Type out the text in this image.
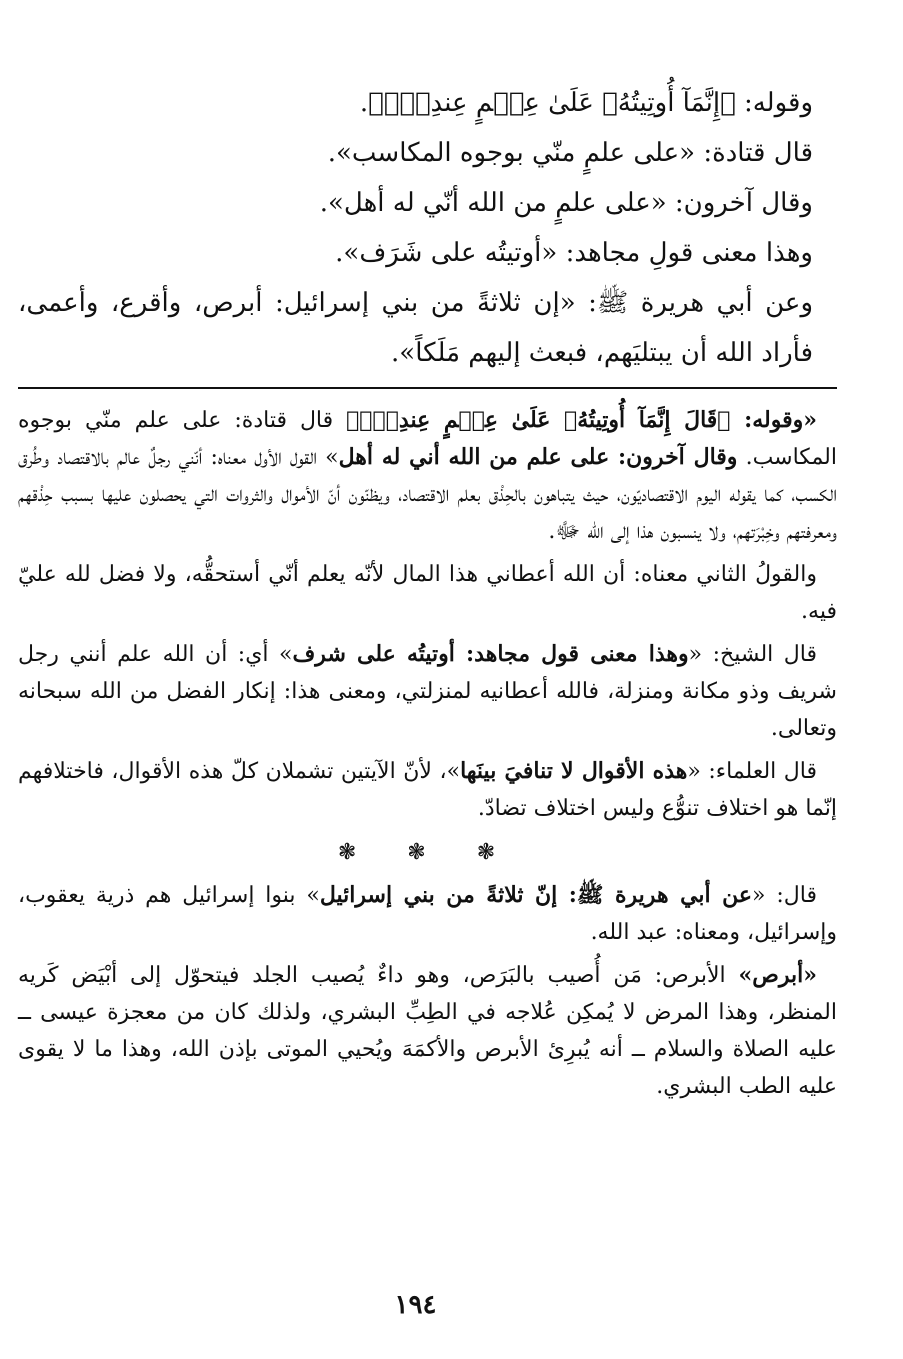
وقوله: ﴿إِنَّمَآ أُوتِيتُهُۥ عَلَىٰ عِلۡمٍ عِندِيٓۚ﴾.

قال قتادة: «على علمٍ منّي بوجوه المكاسب».

وقال آخرون: «على علمٍ من الله أنّي له أهل».

وهذا معنى قولِ مجاهد: «أوتيتُه على شَرَف».

وعن أبي هريرة ﷺ: «إن ثلاثةً من بني إسرائيل: أبرص، وأقرع، وأعمى، فأراد الله أن يبتليَهم، فبعث إليهم مَلَكاً».

«وقوله: ﴿قَالَ إِنَّمَآ أُوتِيتُهُۥ عَلَىٰ عِلۡمٍ عِندِيٓۚ﴾ قال قتادة: على علم منّي بوجوه المكاسب. وقال آخرون: على علم من الله أني له أهل» القول الأول معناه: أنّني رجلٌ عالم بالاقتصاد وطُرق الكسب، كما يقوله اليوم الاقتصاديّون، حيث يتباهون بالحِذْق بعلم الاقتصاد، ويظنّون أنّ الأموال والثروات التي يحصلون عليها بسبب حِذْقهم ومعرفتهم وخِبْرَتهم، ولا ينسبون هذا إلى الله ﷻ.

والقولُ الثاني معناه: أن الله أعطاني هذا المال لأنّه يعلم أنّي أستحقُّه، ولا فضل لله عليّ فيه.

قال الشيخ: «وهذا معنى قول مجاهد: أوتيتُه على شرف» أي: أن الله علم أنني رجل شريف وذو مكانة ومنزلة، فالله أعطانيه لمنزلتي، ومعنى هذا: إنكار الفضل من الله سبحانه وتعالى.

قال العلماء: «هذه الأقوال لا تنافيَ بينَها»، لأنّ الآيتين تشملان كلّ هذه الأقوال، فاختلافهم إنّما هو اختلاف تنوُّع وليس اختلاف تضادّ.

❃ ❃ ❃

قال: «عن أبي هريرة ﷺ: إنّ ثلاثةً من بني إسرائيل» بنوا إسرائيل هم ذرية يعقوب، وإسرائيل، ومعناه: عبد الله.

«أبرص» الأبرص: مَن أُصيب بالبَرَص، وهو داءٌ يُصيب الجلد فيتحوّل إلى أبْيَض كَريه المنظر، وهذا المرض لا يُمكِن عُلاجه في الطِبِّ البشري، ولذلك كان من معجزة عيسى ــ عليه الصلاة والسلام ــ أنه يُبرِئ الأبرص والأكمَهَ ويُحيي الموتى بإذن الله، وهذا ما لا يقوى عليه الطب البشري.

١٩٤
